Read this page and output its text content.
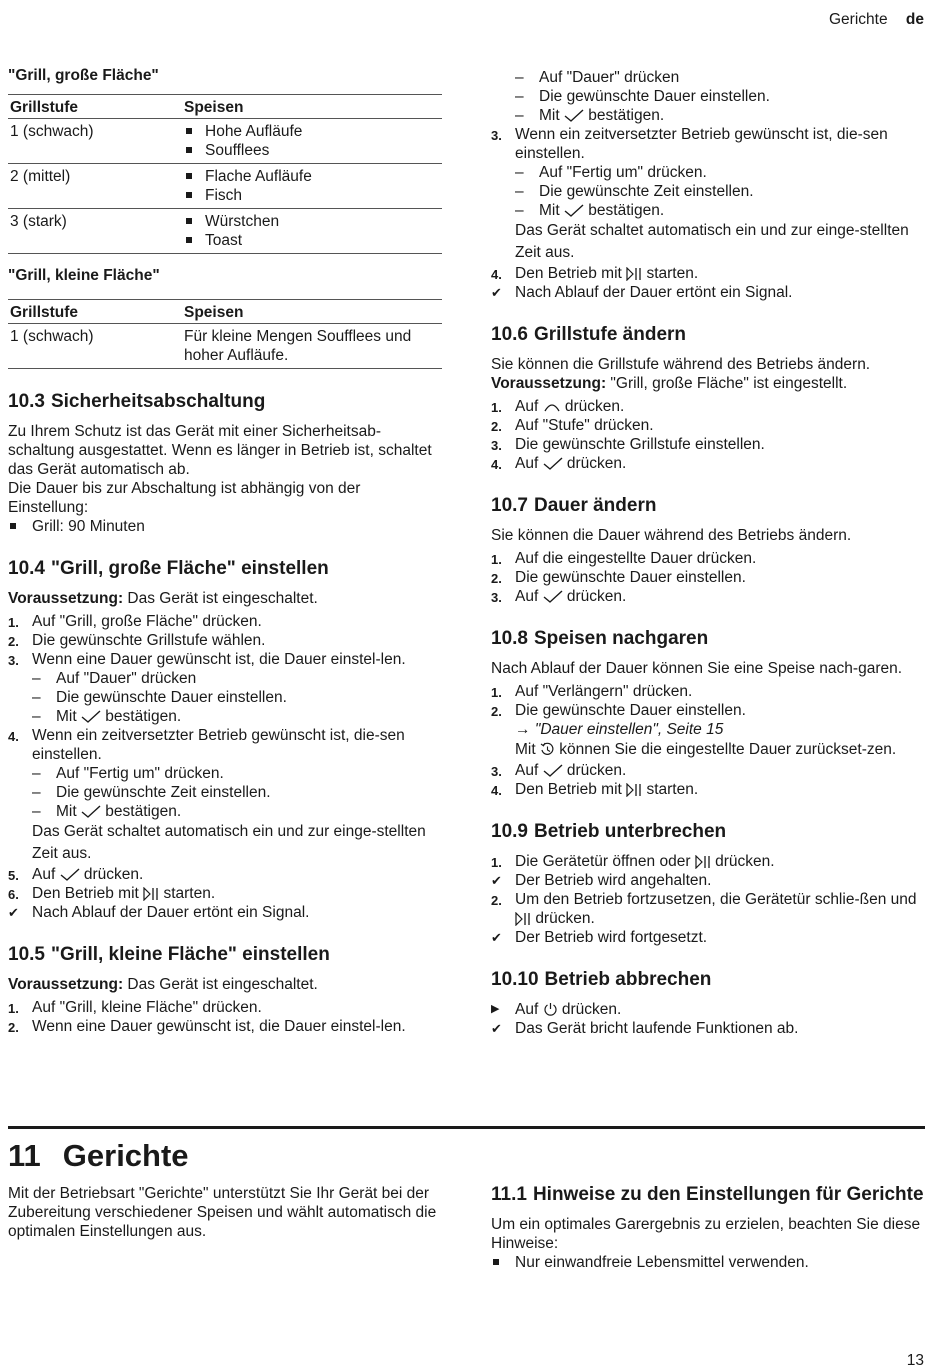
Gerichte de

"Grill, große Fläche"

Grillstufe	Speisen
1 (schwach)	Hohe Aufläufe
Soufflees

2 (mittel)	Flache Aufläufe
Fisch

3 (stark)	Würstchen
Toast

"Grill, kleine Fläche"

Grillstufe	Speisen
1 (schwach)	Für kleine Mengen Soufflees und hoher Aufläufe.
10.3 Sicherheitsabschaltung

Zu Ihrem Schutz ist das Gerät mit einer Sicherheitsab-schaltung ausgestattet. Wenn es länger in Betrieb ist, schaltet das Gerät automatisch ab.

Die Dauer bis zur Abschaltung ist abhängig von der Einstellung:

Grill: 90 Minuten

10.4 "Grill, große Fläche" einstellen

Voraussetzung: Das Gerät ist eingeschaltet.

1. Auf "Grill, große Fläche" drücken.

2. Die gewünschte Grillstufe wählen.

3. Wenn eine Dauer gewünscht ist, die Dauer einstel-len.

– Auf "Dauer" drücken

– Die gewünschte Dauer einstellen.

– Mit bestätigen.

4. Wenn ein zeitversetzter Betrieb gewünscht ist, die-sen einstellen.

– Auf "Fertig um" drücken.

– Die gewünschte Zeit einstellen.

– Mit bestätigen.

Das Gerät schaltet automatisch ein und zur einge-stellten Zeit aus.

5. Auf drücken.

6. Den Betrieb mit starten.

✔ Nach Ablauf der Dauer ertönt ein Signal.

10.5 "Grill, kleine Fläche" einstellen

Voraussetzung: Das Gerät ist eingeschaltet.

1. Auf "Grill, kleine Fläche" drücken.

2. Wenn eine Dauer gewünscht ist, die Dauer einstel-len.

– Auf "Dauer" drücken

– Die gewünschte Dauer einstellen.

– Mit bestätigen.

3. Wenn ein zeitversetzter Betrieb gewünscht ist, die-sen einstellen.

– Auf "Fertig um" drücken.

– Die gewünschte Zeit einstellen.

– Mit bestätigen.

Das Gerät schaltet automatisch ein und zur einge-stellten Zeit aus.

4. Den Betrieb mit starten.

✔ Nach Ablauf der Dauer ertönt ein Signal.

10.6 Grillstufe ändern

Sie können die Grillstufe während des Betriebs ändern.

Voraussetzung: "Grill, große Fläche" ist eingestellt.

1. Auf drücken.

2. Auf "Stufe" drücken.

3. Die gewünschte Grillstufe einstellen.

4. Auf drücken.

10.7 Dauer ändern

Sie können die Dauer während des Betriebs ändern.

1. Auf die eingestellte Dauer drücken.

2. Die gewünschte Dauer einstellen.

3. Auf drücken.

10.8 Speisen nachgaren

Nach Ablauf der Dauer können Sie eine Speise nach-garen.

1. Auf "Verlängern" drücken.

2. Die gewünschte Dauer einstellen.

→ "Dauer einstellen", Seite 15

Mit können Sie die eingestellte Dauer zurückset-zen.

3. Auf drücken.

4. Den Betrieb mit starten.

10.9 Betrieb unterbrechen

1. Die Gerätetür öffnen oder drücken.

✔ Der Betrieb wird angehalten.

2. Um den Betrieb fortzusetzen, die Gerätetür schlie-ßen und  drücken.

✔ Der Betrieb wird fortgesetzt.

10.10 Betrieb abbrechen

▶ Auf drücken.

✔ Das Gerät bricht laufende Funktionen ab.

11 Gerichte

Mit der Betriebsart "Gerichte" unterstützt Sie Ihr Gerät bei der Zubereitung verschiedener Speisen und wählt automatisch die optimalen Einstellungen aus.

11.1 Hinweise zu den Einstellungen für Gerichte

Um ein optimales Garergebnis zu erzielen, beachten Sie diese Hinweise:

Nur einwandfreie Lebensmittel verwenden.

13
